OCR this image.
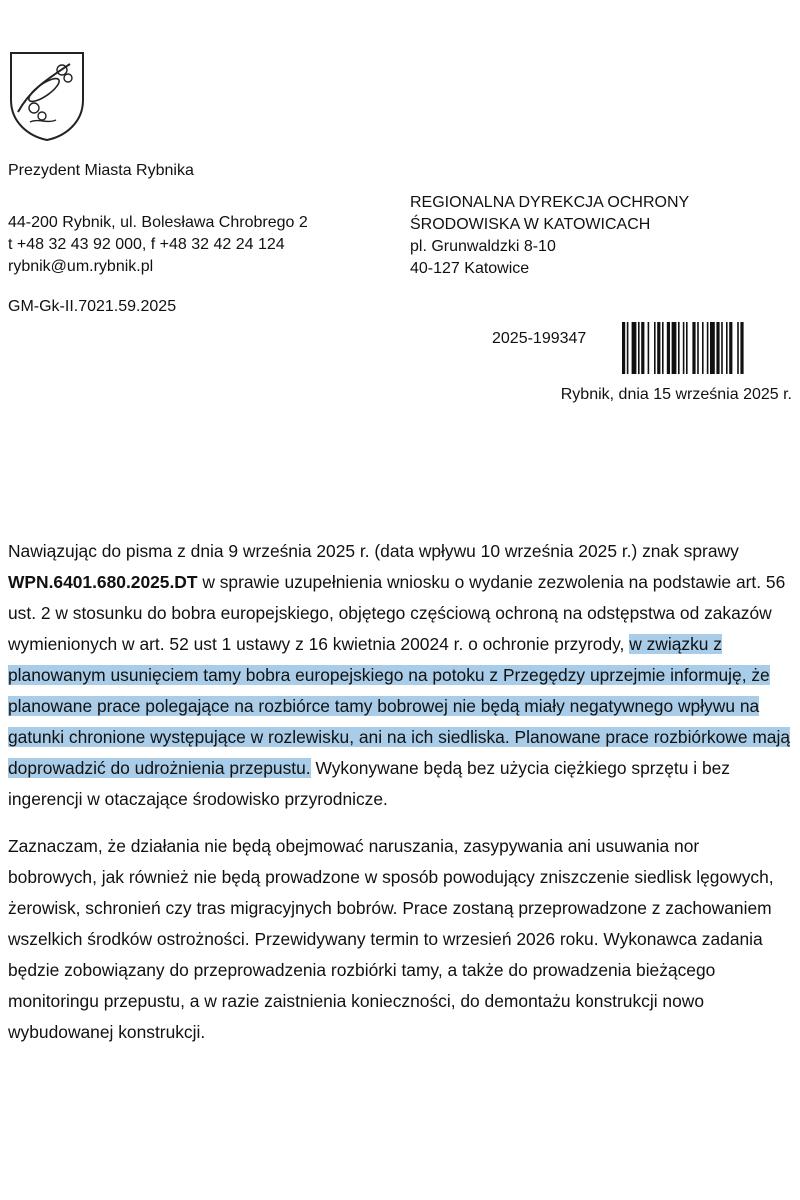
Prezydent Miasta Rybnika
44-200 Rybnik, ul. Bolesława Chrobrego 2
t +48 32 43 92 000, f +48 32 42 24 124
rybnik@um.rybnik.pl
GM-Gk-II.7021.59.2025
REGIONALNA DYREKCJA OCHRONY
ŚRODOWISKA W KATOWICACH
pl. Grunwaldzki 8-10
40-127 Katowice
2025-199347
Rybnik, dnia 15 września 2025 r.

Nawiązując do pisma z dnia 9 września 2025 r. (data wpływu 10 września 2025 r.) znak sprawy WPN.6401.680.2025.DT w sprawie uzupełnienia wniosku o wydanie zezwolenia na podstawie art. 56 ust. 2 w stosunku do bobra europejskiego, objętego częściową ochroną na odstępstwa od zakazów wymienionych w art. 52 ust 1 ustawy z 16 kwietnia 20024 r. o ochronie przyrody, w związku z planowanym usunięciem tamy bobra europejskiego na potoku z Przegędzy uprzejmie informuję, że planowane prace polegające na rozbiórce tamy bobrowej nie będą miały negatywnego wpływu na gatunki chronione występujące w rozlewisku, ani na ich siedliska. Planowane prace rozbiórkowe mają doprowadzić do udrożnienia przepustu. Wykonywane będą bez użycia ciężkiego sprzętu i bez ingerencji w otaczające środowisko przyrodnicze.

Zaznaczam, że działania nie będą obejmować naruszania, zasypywania ani usuwania nor bobrowych, jak również nie będą prowadzone w sposób powodujący zniszczenie siedlisk lęgowych, żerowisk, schronień czy tras migracyjnych bobrów. Prace zostaną przeprowadzone z zachowaniem wszelkich środków ostrożności. Przewidywany termin to wrzesień 2026 roku. Wykonawca zadania będzie zobowiązany do przeprowadzenia rozbiórki tamy, a także do prowadzenia bieżącego monitoringu przepustu, a w razie zaistnienia konieczności, do demontażu konstrukcji nowo wybudowanej konstrukcji.
